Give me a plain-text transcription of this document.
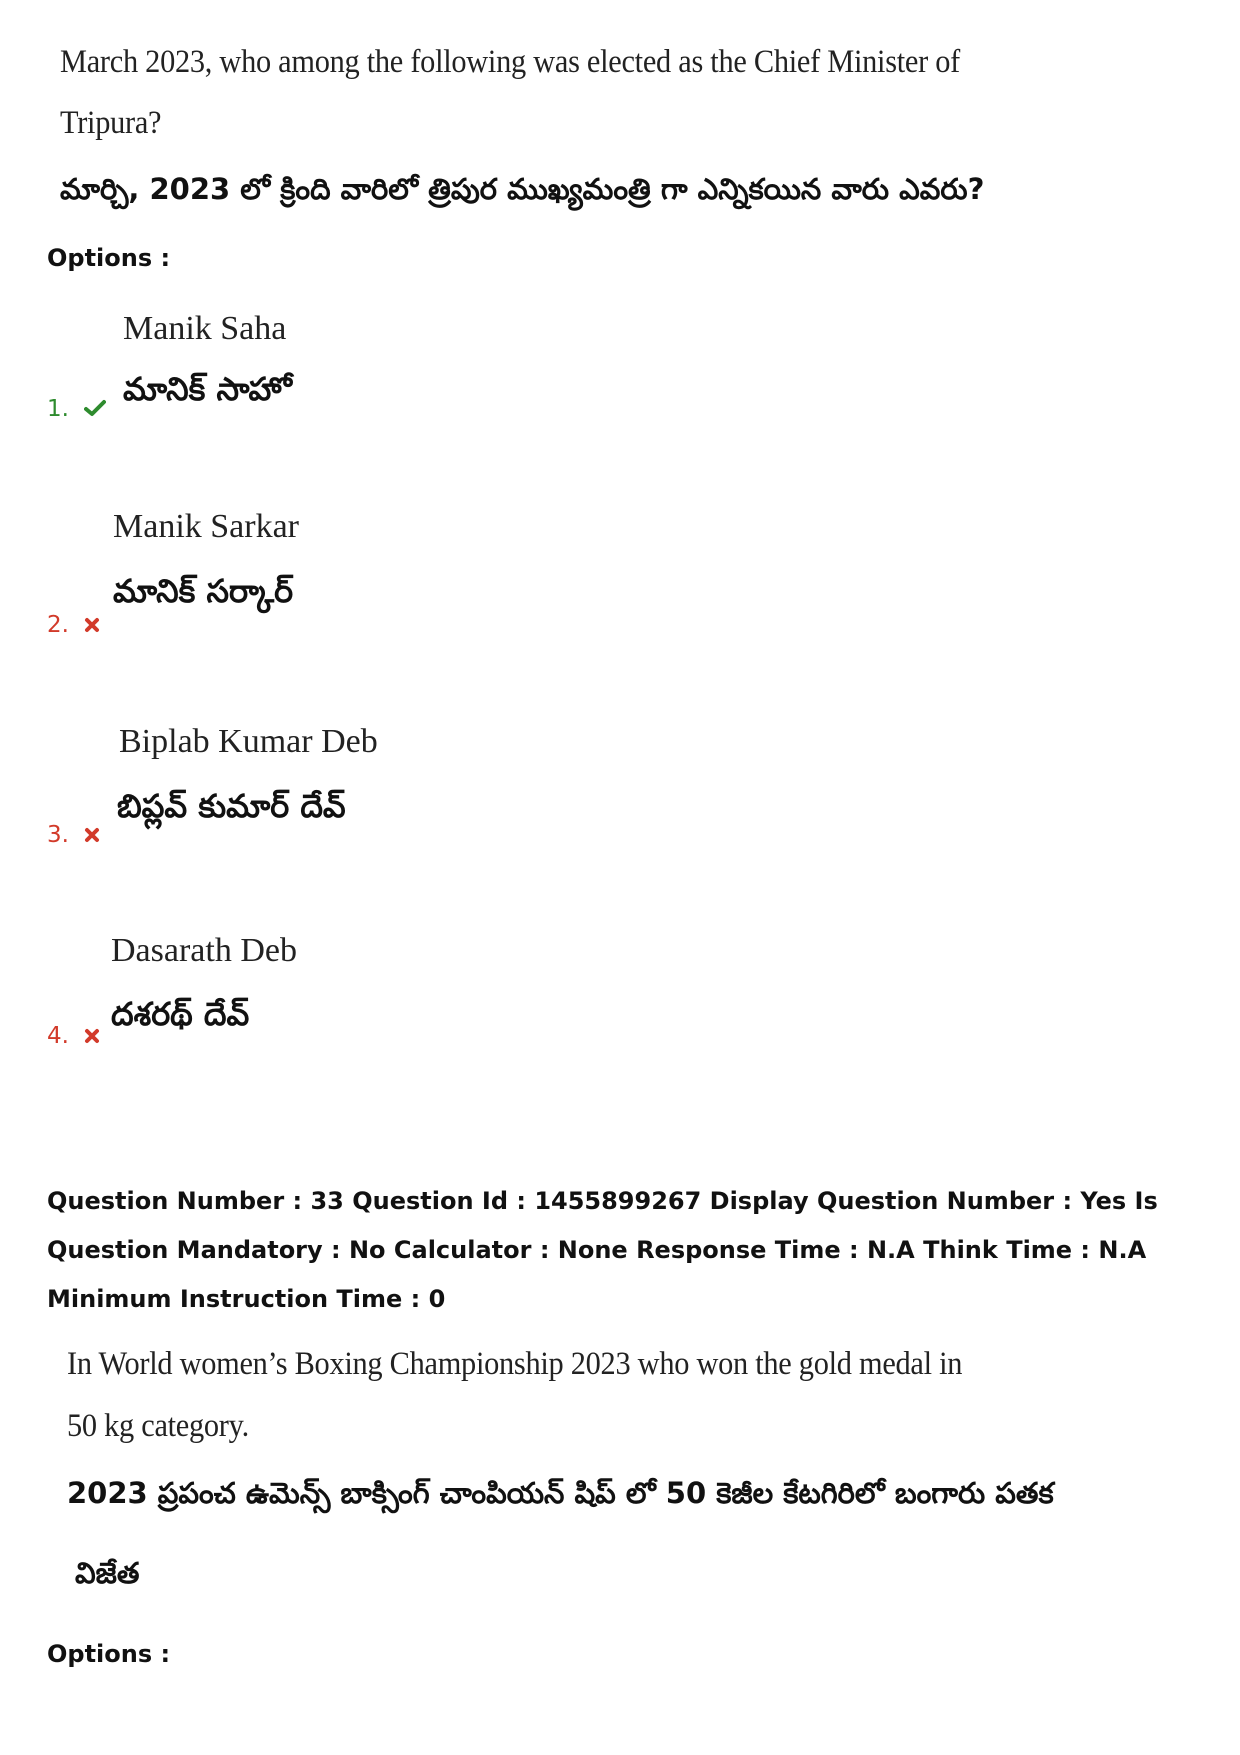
March 2023, who among the following was elected as the Chief Minister of
Tripura?
మార్చి, 2023 లో క్రింది వారిలో త్రిపుర ముఖ్యమంత్రి గా ఎన్నికయిన వారు ఎవరు?
Options :
Manik Saha
మానిక్ సాహో
1.
Manik Sarkar
మానిక్ సర్కార్
2.
Biplab Kumar Deb
బిప్లవ్ కుమార్ దేవ్
3.
Dasarath Deb
దశరథ్ దేవ్
4.
Question Number : 33 Question Id : 1455899267 Display Question Number : Yes Is Question Mandatory : No Calculator : None Response Time : N.A Think Time : N.A Minimum Instruction Time : 0
In World women’s Boxing Championship 2023 who won the gold medal in
50 kg category.
2023 ప్రపంచ ఉమెన్స్ బాక్సింగ్ చాంపియన్ షిప్ లో 50 కెజీల కేటగిరిలో బంగారు పతక
విజేత
Options :
